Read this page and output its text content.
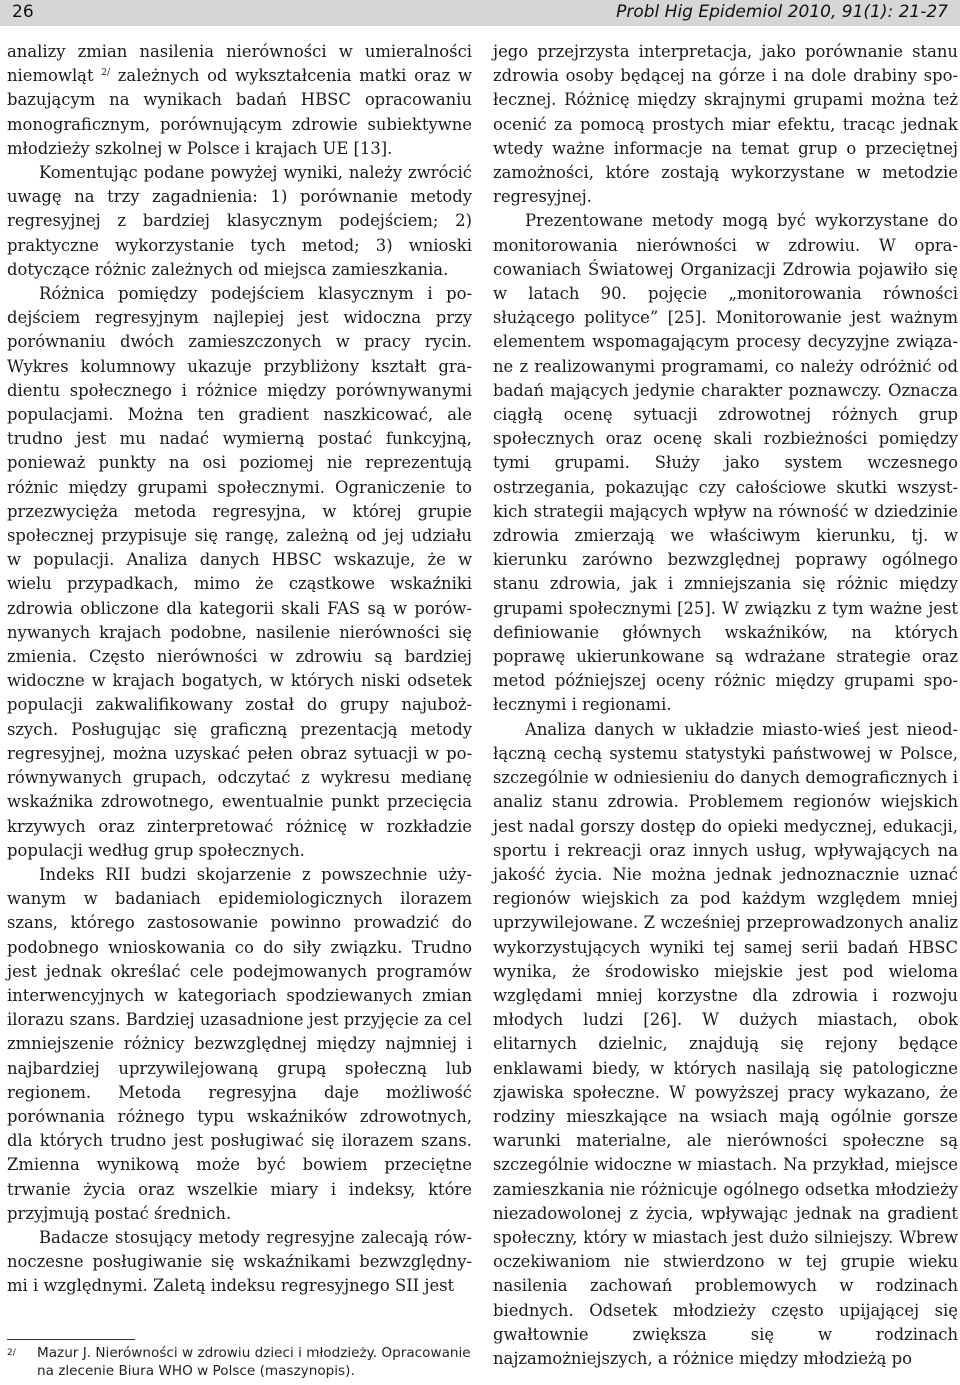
26	Probl Hig Epidemiol 2010, 91(1): 21-27

analizy zmian nasilenia nierówności w umieralności niemowląt $^{2/}$ zależnych od wykształcenia matki oraz w bazującym na wynikach badań HBSC opracowaniu monograficznym, porównującym zdrowie subiektywne młodzieży szkolnej w Polsce i krajach UE [13].

Komentując podane powyżej wyniki, należy zwrócić uwagę na trzy zagadnienia: 1) porównanie metody regresyjnej z bardziej klasycznym podejściem; 2) praktyczne wykorzystanie tych metod; 3) wnioski dotyczące różnic zależnych od miejsca zamieszkania.

Różnica pomiędzy podejściem klasycznym i podejściem regresyjnym najlepiej jest widoczna przy porównaniu dwóch zamieszczonych w pracy rycin. Wykres kolumnowy ukazuje przybliżony kształt gradientu społecznego i różnice między porównywanymi populacjami. Można ten gradient naszkicować, ale trudno jest mu nadać wymierną postać funkcyjną, ponieważ punkty na osi poziomej nie reprezentują różnic między grupami społecznymi. Ograniczenie to przezwycięża metoda regresyjna, w której grupie społecznej przypisuje się rangę, zależną od jej udziału w populacji. Analiza danych HBSC wskazuje, że w wielu przypadkach, mimo że cząstkowe wskaźniki zdrowia obliczone dla kategorii skali FAS są w porównywanych krajach podobne, nasilenie nierówności się zmienia. Często nierówności w zdrowiu są bardziej widoczne w krajach bogatych, w których niski odsetek populacji zakwalifikowany został do grupy najuboższych. Posługując się graficzną prezentacją metody regresyjnej, można uzyskać pełen obraz sytuacji w porównywanych grupach, odczytać z wykresu medianę wskaźnika zdrowotnego, ewentualnie punkt przecięcia krzywych oraz zinterpretować różnicę w rozkładzie populacji według grup społecznych.

Indeks RII budzi skojarzenie z powszechnie używanym w badaniach epidemiologicznych ilorazem szans, którego zastosowanie powinno prowadzić do podobnego wnioskowania co do siły związku. Trudno jest jednak określać cele podejmowanych programów interwencyjnych w kategoriach spodziewanych zmian ilorazu szans. Bardziej uzasadnione jest przyjęcie za cel zmniejszenie różnicy bezwzględnej między najmniej i najbardziej uprzywilejowaną grupą społeczną lub regionem. Metoda regresyjna daje możliwość porównania różnego typu wskaźników zdrowotnych, dla których trudno jest posługiwać się ilorazem szans. Zmienna wynikową może być bowiem przeciętne trwanie życia oraz wszelkie miary i indeksy, które przyjmują postać średnich.

Badacze stosujący metody regresyjne zalecają równoczesne posługiwanie się wskaźnikami bezwzględnymi i względnymi. Zaletą indeksu regresyjnego SII jest

jego przejrzysta interpretacja, jako porównanie stanu zdrowia osoby będącej na górze i na dole drabiny społecznej. Różnicę między skrajnymi grupami można też ocenić za pomocą prostych miar efektu, tracąc jednak wtedy ważne informacje na temat grup o przeciętnej zamożności, które zostają wykorzystane w metodzie regresyjnej.

Prezentowane metody mogą być wykorzystane do monitorowania nierówności w zdrowiu. W opracowaniach Światowej Organizacji Zdrowia pojawiło się w latach 90. pojęcie „monitorowania równości służącego polityce” [25]. Monitorowanie jest ważnym elementem wspomagającym procesy decyzyjne związane z realizowanymi programami, co należy odróżnić od badań mających jedynie charakter poznawczy. Oznacza ciągłą ocenę sytuacji zdrowotnej różnych grup społecznych oraz ocenę skali rozbieżności pomiędzy tymi grupami. Służy jako system wczesnego ostrzegania, pokazując czy całościowe skutki wszystkich strategii mających wpływ na równość w dziedzinie zdrowia zmierzają we właściwym kierunku, tj. w kierunku zarówno bezwzględnej poprawy ogólnego stanu zdrowia, jak i zmniejszania się różnic między grupami społecznymi [25]. W związku z tym ważne jest definiowanie głównych wskaźników, na których poprawę ukierunkowane są wdrażane strategie oraz metod późniejszej oceny różnic między grupami społecznymi i regionami.

Analiza danych w układzie miasto-wieś jest nieodłączną cechą systemu statystyki państwowej w Polsce, szczególnie w odniesieniu do danych demograficznych i analiz stanu zdrowia. Problemem regionów wiejskich jest nadal gorszy dostęp do opieki medycznej, edukacji, sportu i rekreacji oraz innych usług, wpływających na jakość życia. Nie można jednak jednoznacznie uznać regionów wiejskich za pod każdym względem mniej uprzywilejowane. Z wcześniej przeprowadzonych analiz wykorzystujących wyniki tej samej serii badań HBSC wynika, że środowisko miejskie jest pod wieloma względami mniej korzystne dla zdrowia i rozwoju młodych ludzi [26]. W dużych miastach, obok elitarnych dzielnic, znajdują się rejony będące enklawami biedy, w których nasilają się patologiczne zjawiska społeczne. W powyższej pracy wykazano, że rodziny mieszkające na wsiach mają ogólnie gorsze warunki materialne, ale nierówności społeczne są szczególnie widoczne w miastach. Na przykład, miejsce zamieszkania nie różnicuje ogólnego odsetka młodzieży niezadowolonej z życia, wpływając jednak na gradient społeczny, który w miastach jest dużo silniejszy. Wbrew oczekiwaniom nie stwierdzono w tej grupie wieku nasilenia zachowań problemowych w rodzinach biednych. Odsetek młodzieży często upijającej się gwałtownie zwiększa się w rodzinach najzamożniejszych, a różnice między młodzieżą po

2/	Mazur J. Nierówności w zdrowiu dzieci i młodzieży. Opracowanie na zlecenie Biura WHO w Polsce (maszynopis).
